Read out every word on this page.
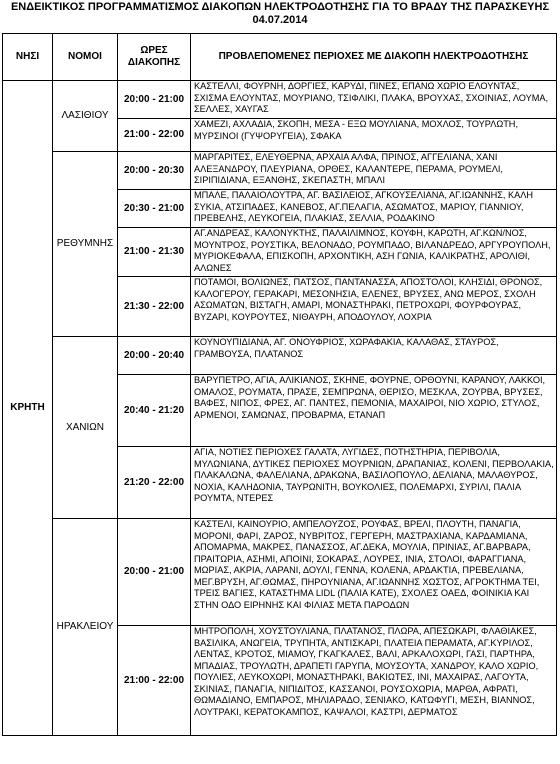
ΕΝΔΕΙΚΤΙΚΟΣ ΠΡΟΓΡΑΜΜΑΤΙΣΜΟΣ ΔΙΑΚΟΠΩΝ ΗΛΕΚΤΡΟΔΟΤΗΣΗΣ ΓΙΑ ΤΟ ΒΡΑΔΥ ΤΗΣ ΠΑΡΑΣΚΕΥΗΣ
04.07.2014
ΝΗΣΙ	ΝΟΜΟΙ	ΩΡΕΣ ΔΙΑΚΟΠΗΣ	ΠΡΟΒΛΕΠΟΜΕΝΕΣ ΠΕΡΙΟΧΕΣ ΜΕ ΔΙΑΚΟΠΗ ΗΛΕΚΤΡΟΔΟΤΗΣΗΣ
ΚΡΗΤΗ	ΛΑΣΙΘΙΟΥ	20:00 - 21:00	ΚΑΣΤΕΛΛΙ, ΦΟΥΡΝΗ, ΔΟΡΓΙΕΣ, ΚΑΡΥΔΙ, ΠΙΝΕΣ, ΕΠΑΝΩ ΧΩΡΙΟ ΕΛΟΥΝΤΑΣ, ΣΧΙΣΜΑ ΕΛΟΥΝΤΑΣ, ΜΟΥΡΙΑΝΟ, ΤΣΙΦΛΙΚΙ, ΠΛΑΚΑ, ΒΡΟΥΧΑΣ, ΣΧΟΙΝΙΑΣ, ΛΟΥΜΑ, ΣΕΛΛΕΣ, ΧΑΥΓΑΣ
		21:00 - 22:00	ΧΑΜΕΖΙ, ΑΧΛΑΔΙΑ, ΣΚΟΠΗ, ΜΕΣΑ - ΕΞΩ ΜΟΥΛΙΑΝΑ, ΜΟΧΛΟΣ, ΤΟΥΡΛΩΤΗ, ΜΥΡΣΙΝΟΙ (ΓΥΨΟΡΥΓΕΙΑ), ΣΦΑΚΑ
	ΡΕΘΥΜΝΗΣ	20:00 - 20:30	ΜΑΡΓΑΡΙΤΕΣ, ΕΛΕΥΘΕΡΝΑ, ΑΡΧΑΙΑ ΑΛΦΑ, ΠΡΙΝΟΣ, ΑΓΓΕΛΙΑΝΑ, ΧΑΝΙ ΑΛΕΞΑΝΔΡΟΥ, ΠΛΕΥΡΙΑΝΑ, ΟΡΘΕΣ, ΚΑΛΑΝΤΕΡΕ, ΠΕΡΑΜΑ, ΡΟΥΜΕΛΙ, ΣΙΡΙΠΙΔΙΑΝΑ, ΕΞΑΝΘΗΣ, ΣΚΕΠΑΣΤΗ, ΜΠΑΛΙ
		20:30 - 21:00	ΜΠΑΛΕ, ΠΑΛΑΙΟΛΟΥΤΡΑ, ΑΓ. ΒΑΣΙΛΕΙΟΣ, ΑΓΚΟΥΣΕΛΙΑΝΑ, ΑΓ.ΙΩΑΝΝΗΣ, ΚΑΛΗ ΣΥΚΙΑ, ΑΤΣΙΠΑΔΕΣ, ΚΑΝΕΒΟΣ, ΑΓ.ΠΕΛΑΓΙΑ, ΑΣΩΜΑΤΟΣ, ΜΑΡΙΟΥ, ΓΙΑΝΝΙΟΥ, ΠΡΕΒΕΛΗΣ, ΛΕΥΚΟΓΕΙΑ, ΠΛΑΚΙΑΣ, ΣΕΛΛΙΑ, ΡΟΔΑΚΙΝΟ
		21:00 - 21:30	ΑΓ.ΑΝΔΡΕΑΣ, ΚΑΛΟΝΥΚΤΗΣ, ΠΑΛΑΙΛΙΜΝΟΣ, ΚΟΥΦΗ, ΚΑΡΩΤΗ, ΑΓ.ΚΩΝ/ΝΟΣ, ΜΟΥΝΤΡΟΣ, ΡΟΥΣΤΙΚΑ, ΒΕΛΟΝΑΔΟ, ΡΟΥΜΠΑΔΟ, ΒΙΛΑΝΔΡΕΔΟ, ΑΡΓΥΡΟΥΠΟΛΗ, ΜΥΡΙΟΚΕΦΑΛΑ, ΕΠΙΣΚΟΠΗ, ΑΡΧΟΝΤΙΚΗ, ΑΣΗ ΓΩΝΙΑ, ΚΑΛΙΚΡΑΤΗΣ, ΑΡΟΛΙΘΙ, ΑΛΩΝΕΣ
		21:30 - 22:00	ΠΟΤΑΜΟΙ, ΒΟΛΙΩΝΕΣ, ΠΑΤΣΟΣ, ΠΑΝΤΑΝΑΣΣΑ, ΑΠΟΣΤΟΛΟΙ, ΚΛΗΣΙΔΙ, ΘΡΟΝΟΣ, ΚΑΛΟΓΕΡΟΥ, ΓΕΡΑΚΑΡΙ, ΜΕΣΟΝΗΣΙΑ, ΕΛΕΝΕΣ, ΒΡΥΣΕΣ, ΑΝΩ ΜΕΡΟΣ, ΣΧΟΛΗ ΑΣΩΜΑΤΩΝ, ΒΙΣΤΑΓΗ, ΑΜΑΡΙ, ΜΟΝΑΣΤΗΡΑΚΙ, ΠΕΤΡΟΧΩΡΙ, ΦΟΥΡΦΟΥΡΑΣ, ΒΥΖΑΡΙ, ΚΟΥΡΟΥΤΕΣ, ΝΙΘΑΥΡΗ, ΑΠΟΔΟΥΛΟΥ, ΛΟΧΡΙΑ
	ΧΑΝΙΩΝ	20:00 - 20:40	ΚΟΥΝΟΥΠΙΔΙΑΝΑ, ΑΓ. ΟΝΟΥΦΡΙΟΣ, ΧΩΡΑΦΑΚΙΑ, ΚΑΛΑΘΑΣ, ΣΤΑΥΡΟΣ, ΓΡΑΜΒΟΥΣΑ, ΠΛΑΤΑΝΟΣ
		20:40 - 21:20	ΒΑΡΥΠΕΤΡΟ, ΑΓΙΑ, ΑΛΙΚΙΑΝΟΣ, ΣΚΗΝΕ, ΦΟΥΡΝΕ, ΟΡΘΟΥΝΙ, ΚΑΡΑΝΟΥ, ΛΑΚΚΟΙ, ΟΜΑΛΟΣ, ΡΟΥΜΑΤΑ, ΠΡΑΣΕ, ΣΕΜΠΡΩΝΑ, ΘΕΡΙΣΟ, ΜΕΣΚΛΑ, ΖΟΥΡΒΑ, ΒΡΥΣΕΣ, ΒΑΦΕΣ, ΝΙΠΟΣ, ΦΡΕΣ, ΑΓ. ΠΑΝΤΕΣ, ΠΕΜΟΝΙΑ, ΜΑΧΑΙΡΟΙ, ΝΙΟ ΧΩΡΙΟ, ΣΤΥΛΟΣ, ΑΡΜΕΝΟΙ, ΣΑΜΩΝΑΣ, ΠΡΟΒΑΡΜΑ, ΕΤΑΝΑΠ
		21:20 - 22:00	ΑΓΙΑ, ΝΟΤΙΕΣ ΠΕΡΙΟΧΕΣ ΓΑΛΑΤΑ, ΛΥΓΙΔΕΣ, ΠΟΤΗΣΤΗΡΙΑ, ΠΕΡΙΒΟΛΙΑ, ΜΥΛΩΝΙΑΝΑ, ΔΥΤΙΚΕΣ ΠΕΡΙΟΧΕΣ ΜΟΥΡΝΙΩΝ, ΔΡΑΠΑΝΙΑΣ, ΚΟΛΕΝΙ, ΠΕΡΒΟΛΑΚΙΑ, ΠΛΑΚΑΛΩΝΑ, ΦΑΛΕΛΙΑΝΑ, ΔΡΑΚΩΝΑ, ΒΑΣΙΛΟΠΟΥΛΟ, ΔΕΛΙΑΝΑ, ΜΑΛΑΘΥΡΟΣ, ΝΟΧΙΑ, ΚΑΛΗΔΟΝΙΑ, ΤΑΥΡΩΝΙΤΗ, ΒΟΥΚΟΛΙΕΣ, ΠΟΛΕΜΑΡΧΙ, ΣΥΡΙΛΙ, ΠΑΛΙΑ ΡΟΥΜΤΑ, ΝΤΕΡΕΣ
	ΗΡΑΚΛΕΙΟΥ	20:00 - 21:00	ΚΑΣΤΕΛΙ, ΚΑΙΝΟΥΡΙΟ, ΑΜΠΕΛΟΥΖΟΣ, ΡΟΥΦΑΣ, ΒΡΕΛΙ, ΠΛΟΥΤΗ, ΠΑΝΑΓΙΑ, ΜΟΡΟΝΙ, ΦΑΡΙ, ΖΑΡΟΣ, ΝΥΒΡΙΤΟΣ, ΓΕΡΓΕΡΗ, ΜΑΣΤΡΑΧΙΑΝΑ, ΚΑΡΔΑΜΙΑΝΑ, ΑΠΟΜΑΡΜΑ, ΜΑΚΡΕΣ, ΠΑΝΑΣΣΟΣ, ΑΓ.ΔΕΚΑ, ΜΟΥΛΙΑ, ΠΡΙΝΙΑΣ, ΑΓ.ΒΑΡΒΑΡΑ, ΠΡΑΙΤΩΡΙΑ, ΑΣΗΜΙ, ΑΠΟΙΝΙ, ΣΟΚΑΡΑΣ, ΛΟΥΡΕΣ, ΙΝΙΑ, ΣΤΟΛΟΙ, ΦΑΡΑΓΓΙΑΝΑ, ΜΩΡΙΑΣ, ΑΚΡΙΑ, ΛΑΡΑΝΙ, ΔΟΥΛΙ, ΓΕΝΝΑ, ΚΟΛΕΝΑ, ΑΡΔΑΚΤΙΑ, ΠΡΕΒΕΛΙΑΝΑ, ΜΕΓ.ΒΡΥΣΗ, ΑΓ.ΘΩΜΑΣ, ΠΗΡΟΥΝΙΑΝΑ, ΑΓ.ΙΩΑΝΝΗΣ ΧΩΣΤΟΣ, ΑΓΡΟΚΤΗΜΑ ΤΕΙ, ΤΡΕΙΣ ΒΑΓΙΕΣ, ΚΑΤΑΣΤΗΜΑ LIDL (ΠΑΛΙΑ ΚΑΤΕ), ΣΧΟΛΕΣ ΟΑΕΔ, ΦΟΙΝΙΚΙΑ ΚΑΙ ΣΤΗΝ ΟΔΟ ΕΙΡΗΝΗΣ ΚΑΙ ΦΙΛΙΑΣ ΜΕΤΑ ΠΑΡΟΔΩΝ
		21:00 - 22:00	ΜΗΤΡΟΠΟΛΗ, ΧΟΥΣΤΟΥΛΙΑΝΑ, ΠΛΑΤΑΝΟΣ, ΠΛΩΡΑ, ΑΠΕΣΩΚΑΡΙ, ΦΛΑΘΙΑΚΕΣ, ΒΑΣΙΛΙΚΑ, ΑΝΩΓΕΙΑ, ΤΡΥΠΗΤΑ, ΑΝΤΙΣΚΑΡΙ, ΠΛΑΤΕΙΑ ΠΕΡΑΜΑΤΑ, ΑΓ.ΚΥΡΙΛΟΣ, ΛΕΝΤΑΣ, ΚΡΟΤΟΣ, ΜΙΑΜΟΥ, ΓΚΑΓΚΑΛΕΣ, ΒΑΛΙ, ΑΡΚΑΛΟΧΩΡΙ, ΓΑΣΙ, ΠΑΡΤΗΡΑ, ΜΠΑΔΙΑΣ, ΤΡΟΥΛΩΤΗ, ΔΡΑΠΕΤΙ ΓΑΡΥΠΑ, ΜΟΥΣΟΥΤΑ, ΧΑΝΔΡΟΥ, ΚΑΛΟ ΧΩΡΙΟ, ΠΟΥΛΙΕΣ, ΛΕΥΚΟΧΩΡΙ, ΜΟΝΑΣΤΗΡΑΚΙ, ΒΑΚΙΩΤΕΣ, ΙΝΙ, ΜΑΧΑΙΡΑΣ, ΛΑΓΟΥΤΑ, ΣΚΙΝΙΑΣ, ΠΑΝΑΓΙΑ, ΝΙΠΙΔΙΤΟΣ, ΚΑΣΣΑΝΟΙ, ΡΟΥΣΟΧΩΡΙΑ, ΜΑΡΘΑ, ΑΦΡΑΤΙ, ΘΩΜΑΔΙΑΝΟ, ΕΜΠΑΡΟΣ, ΜΗΛΙΑΡΑΔΟ, ΣΕΝΙΑΚΟ, ΚΑΤΩΦΥΓΙ, ΜΕΣΗ, ΒΙΑΝΝΟΣ, ΛΟΥΤΡΑΚΙ, ΚΕΡΑΤΟΚΑΜΠΟΣ, ΚΑΨΑΛΟΙ, ΚΑΣΤΡΙ, ΔΕΡΜΑΤΟΣ
